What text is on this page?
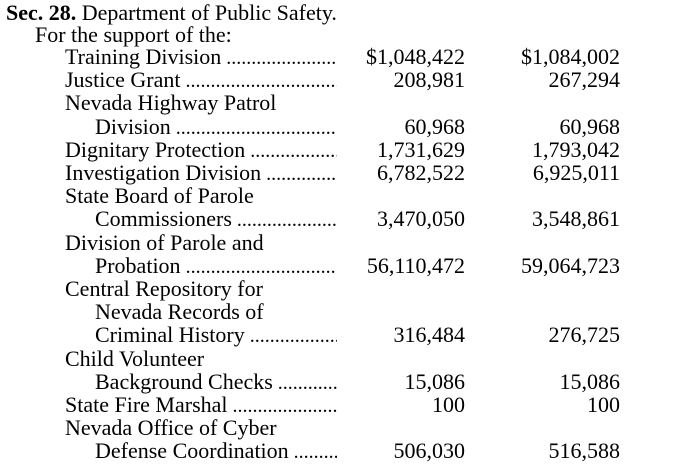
Sec. 28. Department of Public Safety.
For the support of the:
Training Division .....	$1,048,422	$1,084,002
Justice Grant .....	208,981	267,294
Nevada Highway Patrol
Division .....	60,968	60,968
Dignitary Protection .....	1,731,629	1,793,042
Investigation Division .....	6,782,522	6,925,011
State Board of Parole
Commissioners .....	3,470,050	3,548,861
Division of Parole and
Probation .....	56,110,472	59,064,723
Central Repository for
Nevada Records of
Criminal History .....	316,484	276,725
Child Volunteer
Background Checks .....	15,086	15,086
State Fire Marshal .....	100	100
Nevada Office of Cyber
Defense Coordination .....	506,030	516,588
